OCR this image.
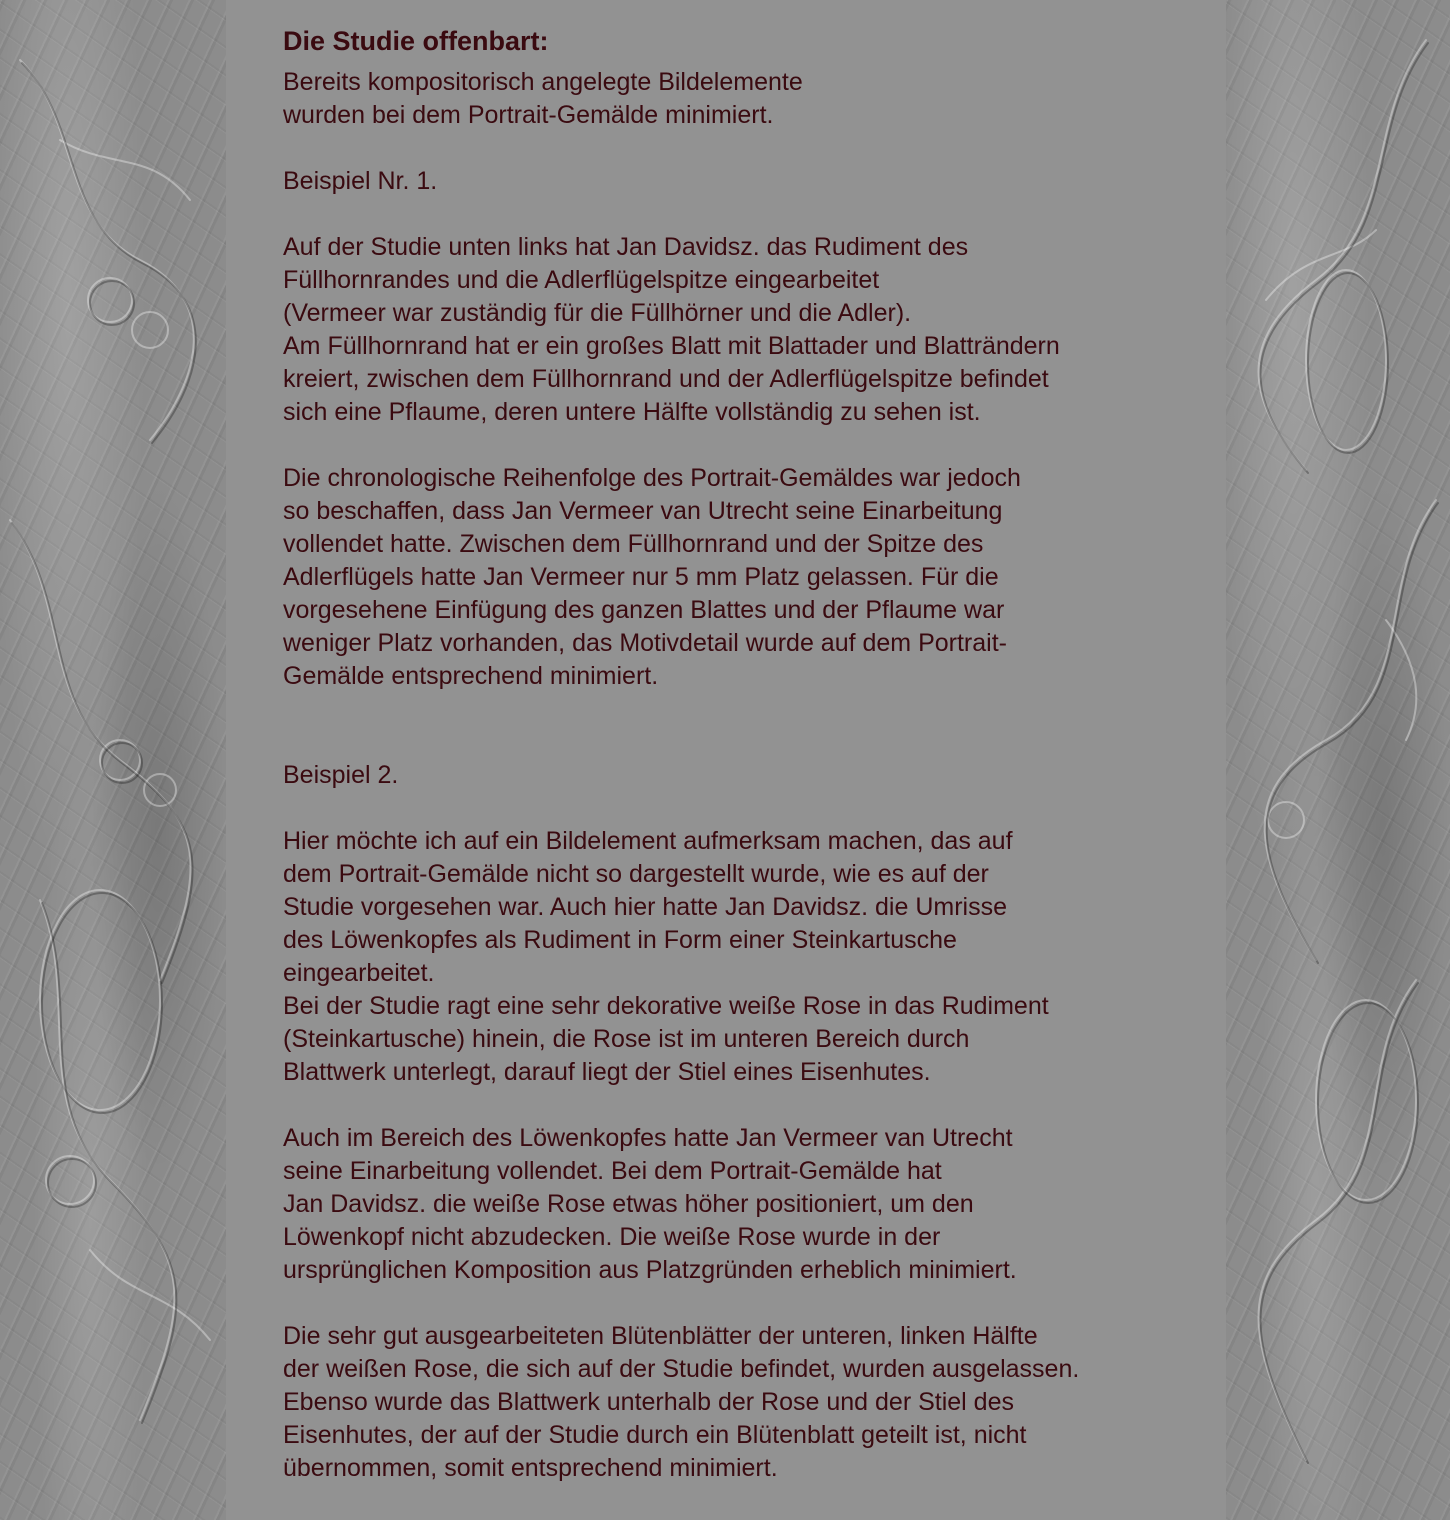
Die Studie offenbart:

Bereits kompositorisch angelegte Bildelemente
wurden bei dem Portrait-Gemälde minimiert.

Beispiel Nr. 1.

Auf der Studie unten links hat Jan Davidsz. das Rudiment des
Füllhornrandes und die Adlerflügelspitze eingearbeitet
(Vermeer war zuständig für die Füllhörner und die Adler).
Am Füllhornrand hat er ein großes Blatt mit Blattader und Blatträndern
kreiert, zwischen dem Füllhornrand und der Adlerflügelspitze befindet
sich eine Pflaume, deren untere Hälfte vollständig zu sehen ist.

Die chronologische Reihenfolge des Portrait-Gemäldes war jedoch
so beschaffen, dass Jan Vermeer van Utrecht seine Einarbeitung
vollendet hatte. Zwischen dem Füllhornrand und der Spitze des
Adlerflügels hatte Jan Vermeer nur 5 mm Platz gelassen. Für die
vorgesehene Einfügung des ganzen Blattes und der Pflaume war
weniger Platz vorhanden, das Motivdetail wurde auf dem Portrait-
Gemälde entsprechend minimiert.

Beispiel 2.

Hier möchte ich auf ein Bildelement aufmerksam machen, das auf
dem Portrait-Gemälde nicht so dargestellt wurde, wie es auf der
Studie vorgesehen war. Auch hier hatte Jan Davidsz. die Umrisse
des Löwenkopfes als Rudiment in Form einer Steinkartusche
eingearbeitet.
Bei der Studie ragt eine sehr dekorative weiße Rose in das Rudiment
(Steinkartusche) hinein, die Rose ist im unteren Bereich durch
Blattwerk unterlegt, darauf liegt der Stiel eines Eisenhutes.

Auch im Bereich des Löwenkopfes hatte Jan Vermeer van Utrecht
seine Einarbeitung vollendet. Bei dem Portrait-Gemälde hat
Jan Davidsz. die weiße Rose etwas höher positioniert, um den
Löwenkopf nicht abzudecken. Die weiße Rose wurde in der
ursprünglichen Komposition aus Platzgründen erheblich minimiert.

Die sehr gut ausgearbeiteten Blütenblätter der unteren, linken Hälfte
der weißen Rose, die sich auf der Studie befindet, wurden ausgelassen.
Ebenso wurde das Blattwerk unterhalb der Rose und der Stiel des
Eisenhutes, der auf der Studie durch ein Blütenblatt geteilt ist, nicht
übernommen, somit entsprechend minimiert.
